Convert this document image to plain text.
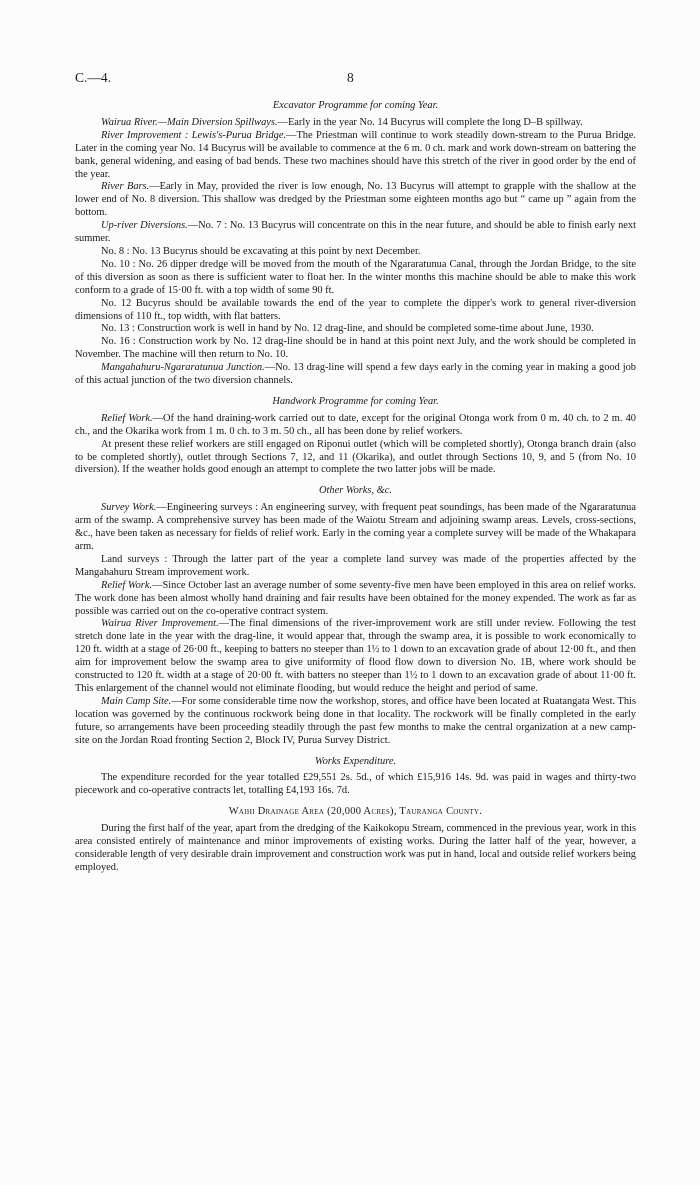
C.—4.	8
Excavator Programme for coming Year.

Wairua River.—Main Diversion Spillways.—Early in the year No. 14 Bucyrus will complete the long D–B spillway.

River Improvement : Lewis's-Purua Bridge.—The Priestman will continue to work steadily down-stream to the Purua Bridge. Later in the coming year No. 14 Bucyrus will be available to commence at the 6 m. 0 ch. mark and work down-stream on battering the bank, general widening, and easing of bad bends. These two machines should have this stretch of the river in good order by the end of the year.

River Bars.—Early in May, provided the river is low enough, No. 13 Bucyrus will attempt to grapple with the shallow at the lower end of No. 8 diversion. This shallow was dredged by the Priestman some eighteen months ago but “ came up ” again from the bottom.

Up-river Diversions.—No. 7 : No. 13 Bucyrus will concentrate on this in the near future, and should be able to finish early next summer.

No. 8 : No. 13 Bucyrus should be excavating at this point by next December.

No. 10 : No. 26 dipper dredge will be moved from the mouth of the Ngararatunua Canal, through the Jordan Bridge, to the site of this diversion as soon as there is sufficient water to float her. In the winter months this machine should be able to make this work conform to a grade of 15·00 ft. with a top width of some 90 ft.

No. 12 Bucyrus should be available towards the end of the year to complete the dipper's work to general river-diversion dimensions of 110 ft., top width, with flat batters.

No. 13 : Construction work is well in hand by No. 12 drag-line, and should be completed some-time about June, 1930.

No. 16 : Construction work by No. 12 drag-line should be in hand at this point next July, and the work should be completed in November. The machine will then return to No. 10.

Mangahahuru-Ngararatunua Junction.—No. 13 drag-line will spend a few days early in the coming year in making a good job of this actual junction of the two diversion channels.

Handwork Programme for coming Year.

Relief Work.—Of the hand draining-work carried out to date, except for the original Otonga work from 0 m. 40 ch. to 2 m. 40 ch., and the Okarika work from 1 m. 0 ch. to 3 m. 50 ch., all has been done by relief workers.

At present these relief workers are still engaged on Riponui outlet (which will be completed shortly), Otonga branch drain (also to be completed shortly), outlet through Sections 7, 12, and 11 (Okarika), and outlet through Sections 10, 9, and 5 (from No. 10 diversion). If the weather holds good enough an attempt to complete the two latter jobs will be made.

Other Works, &c.

Survey Work.—Engineering surveys : An engineering survey, with frequent peat soundings, has been made of the Ngararatunua arm of the swamp. A comprehensive survey has been made of the Waiotu Stream and adjoining swamp areas. Levels, cross-sections, &c., have been taken as necessary for fields of relief work. Early in the coming year a complete survey will be made of the Whakapara arm.

Land surveys : Through the latter part of the year a complete land survey was made of the properties affected by the Mangahahuru Stream improvement work.

Relief Work.—Since October last an average number of some seventy-five men have been employed in this area on relief works. The work done has been almost wholly hand draining and fair results have been obtained for the money expended. The work as far as possible was carried out on the co-operative contract system.

Wairua River Improvement.—The final dimensions of the river-improvement work are still under review. Following the test stretch done late in the year with the drag-line, it would appear that, through the swamp area, it is possible to work economically to 120 ft. width at a stage of 26·00 ft., keeping to batters no steeper than 1½ to 1 down to an excavation grade of about 12·00 ft., and then aim for improvement below the swamp area to give uniformity of flood flow down to diversion No. 1B, where work should be constructed to 120 ft. width at a stage of 20·00 ft. with batters no steeper than 1½ to 1 down to an excavation grade of about 11·00 ft. This enlargement of the channel would not eliminate flooding, but would reduce the height and period of same.

Main Camp Site.—For some considerable time now the workshop, stores, and office have been located at Ruatangata West. This location was governed by the continuous rockwork being done in that locality. The rockwork will be finally completed in the early future, so arrangements have been proceeding steadily through the past few months to make the central organization at a new camp-site on the Jordan Road fronting Section 2, Block IV, Purua Survey District.

Works Expenditure.

The expenditure recorded for the year totalled £29,551 2s. 5d., of which £15,916 14s. 9d. was paid in wages and thirty-two piecework and co-operative contracts let, totalling £4,193 16s. 7d.

Waihi Drainage Area (20,000 Acres), Tauranga County.

During the first half of the year, apart from the dredging of the Kaikokopu Stream, commenced in the previous year, work in this area consisted entirely of maintenance and minor improvements of existing works. During the latter half of the year, however, a considerable length of very desirable drain improvement and construction work was put in hand, local and outside relief workers being employed.
